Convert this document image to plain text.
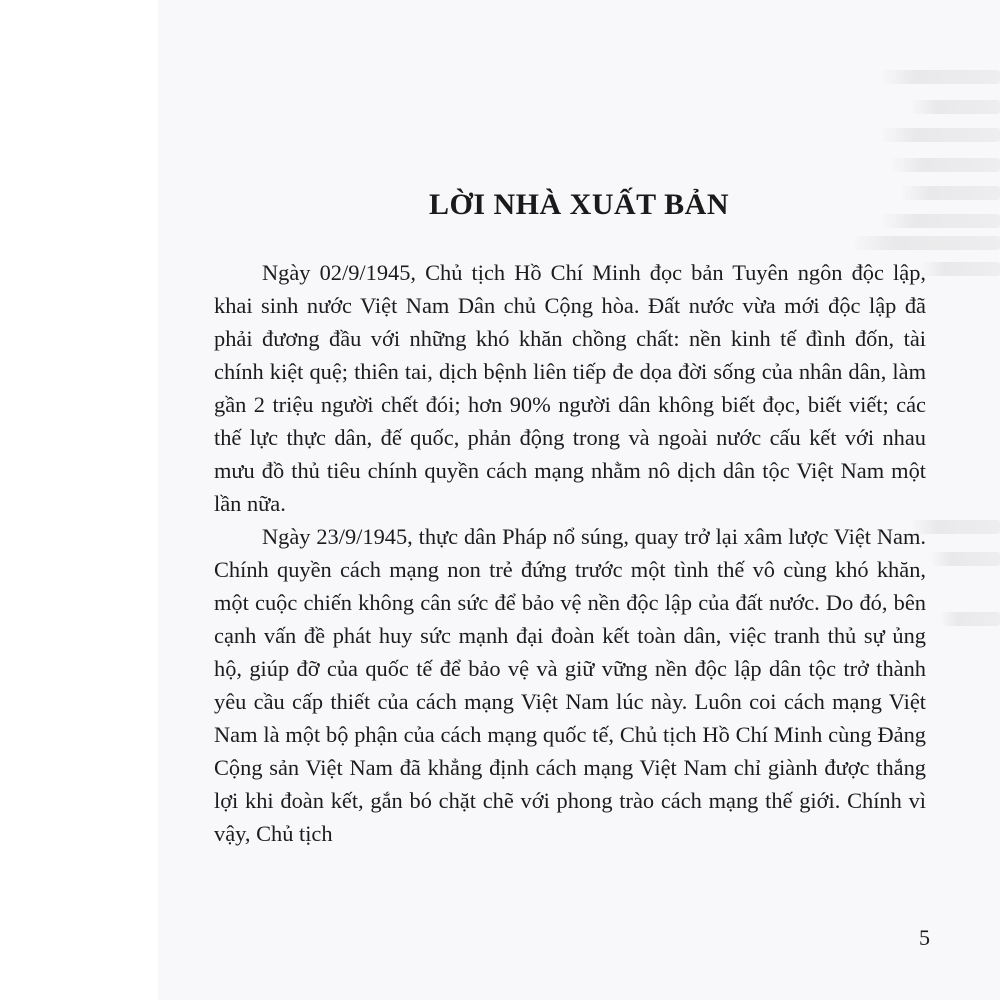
LỜI NHÀ XUẤT BẢN

Ngày 02/9/1945, Chủ tịch Hồ Chí Minh đọc bản Tuyên ngôn độc lập, khai sinh nước Việt Nam Dân chủ Cộng hòa. Đất nước vừa mới độc lập đã phải đương đầu với những khó khăn chồng chất: nền kinh tế đình đốn, tài chính kiệt quệ; thiên tai, dịch bệnh liên tiếp đe dọa đời sống của nhân dân, làm gần 2 triệu người chết đói; hơn 90% người dân không biết đọc, biết viết; các thế lực thực dân, đế quốc, phản động trong và ngoài nước cấu kết với nhau mưu đồ thủ tiêu chính quyền cách mạng nhằm nô dịch dân tộc Việt Nam một lần nữa.

Ngày 23/9/1945, thực dân Pháp nổ súng, quay trở lại xâm lược Việt Nam. Chính quyền cách mạng non trẻ đứng trước một tình thế vô cùng khó khăn, một cuộc chiến không cân sức để bảo vệ nền độc lập của đất nước. Do đó, bên cạnh vấn đề phát huy sức mạnh đại đoàn kết toàn dân, việc tranh thủ sự ủng hộ, giúp đỡ của quốc tế để bảo vệ và giữ vững nền độc lập dân tộc trở thành yêu cầu cấp thiết của cách mạng Việt Nam lúc này. Luôn coi cách mạng Việt Nam là một bộ phận của cách mạng quốc tế, Chủ tịch Hồ Chí Minh cùng Đảng Cộng sản Việt Nam đã khẳng định cách mạng Việt Nam chỉ giành được thắng lợi khi đoàn kết, gắn bó chặt chẽ với phong trào cách mạng thế giới. Chính vì vậy, Chủ tịch

5
